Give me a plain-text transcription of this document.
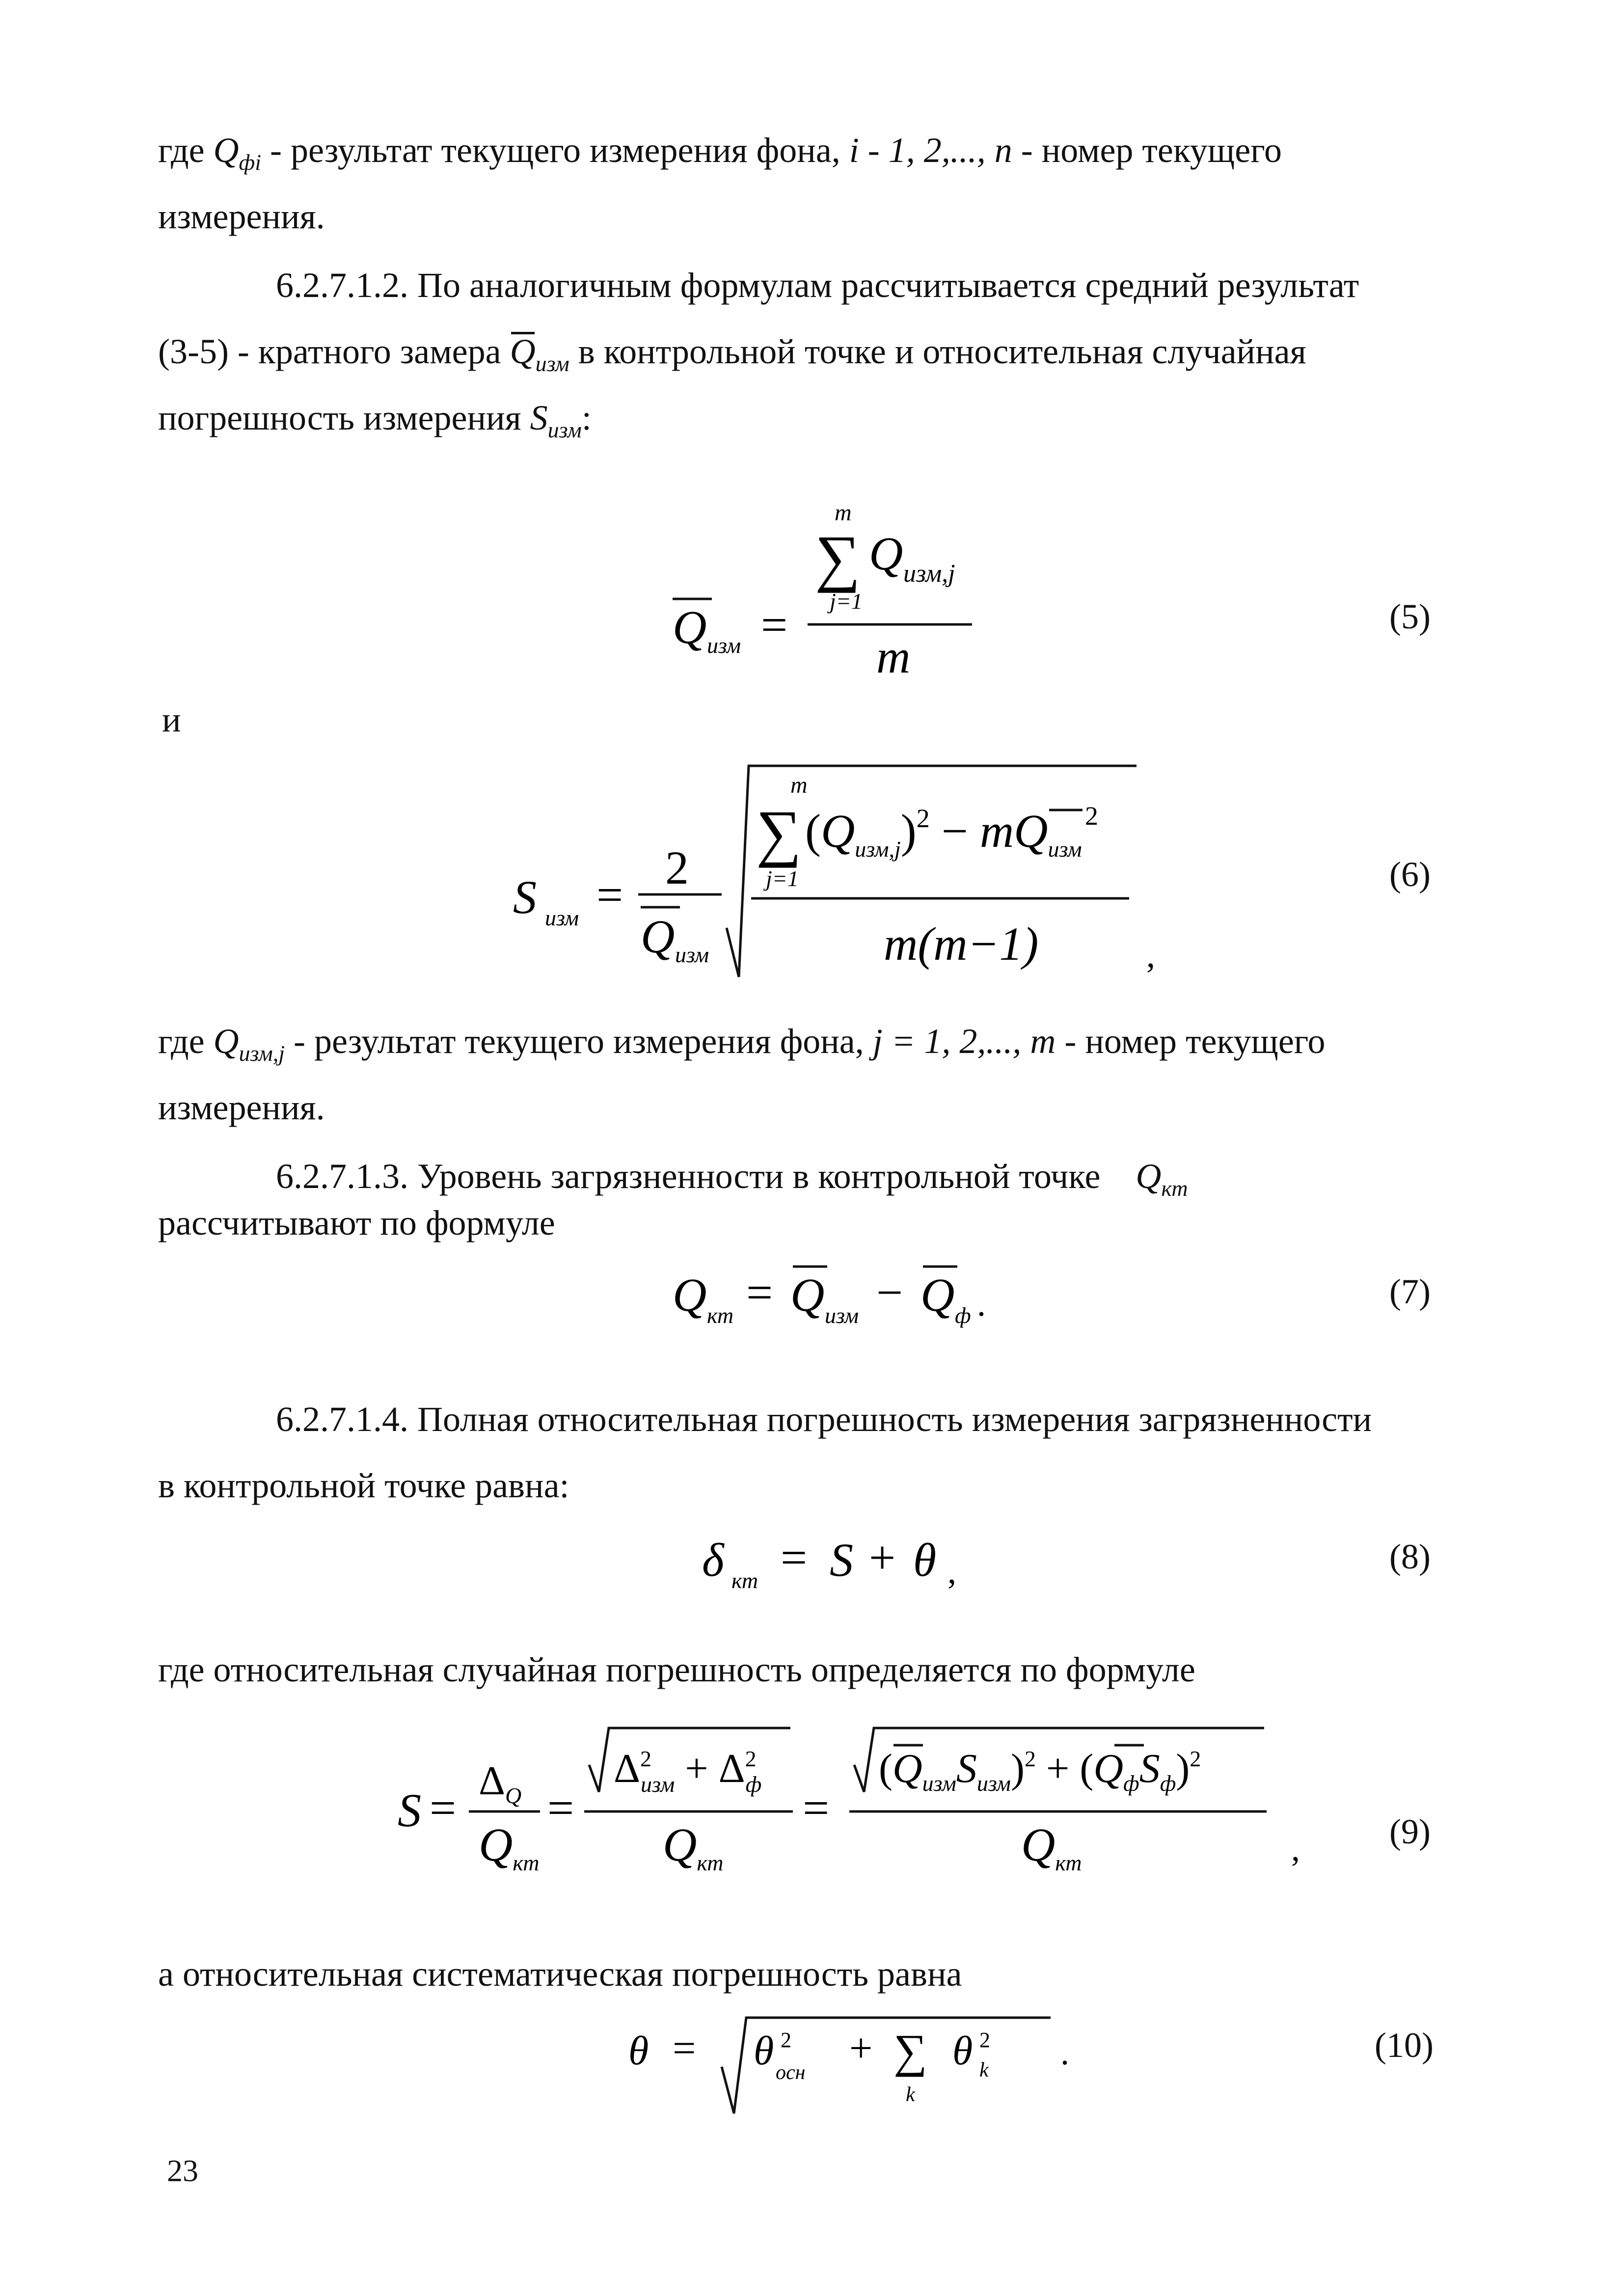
где $Q_{фi}$ - результат текущего измерения фона, i - 1, 2,..., n - номер текущего
измерения.
6.2.7.1.2. По аналогичным формулам рассчитывается средний результат
(3-5) - кратного замера $Q_{изм}$ в контрольной точке и относительная случайная
погрешность измерения $S_{изм}$:
m
∑ Q изм,j
j=1
m
Q изм =	(5)
и
S изм =
2
Q изм
m
∑ $(Q_{изм,j})^2 - mQ_{изм}$
2
j=1
m(m−1)	,
(6)
где $Q_{изм,j}$ - результат текущего измерения фона, j = 1, 2,..., m - номер текущего
измерения.
6.2.7.1.3. Уровень загрязненности в контрольной точке $Q_{кт}$
рассчитывают по формуле
Q кт = Q изм − Q ф .	(7)
6.2.7.1.4. Полная относительная погрешность измерения загрязненности
в контрольной точке равна:
δ кт = S + θ ,	(8)
где относительная случайная погрешность определяется по формуле
S =
$\Delta_Q$
$Q_{кт}$
=
$\Delta^2$ изм + $\Delta^2$ ф
$Q_{кт}$
=
$(Q_{изм}S_{изм})^2 + (Q_фS_ф)^2$
$Q_{кт}$	,	(9)
а относительная систематическая погрешность равна
θ = θ 2
осн
+ ∑
k
θ 2
k .	(10)
23
